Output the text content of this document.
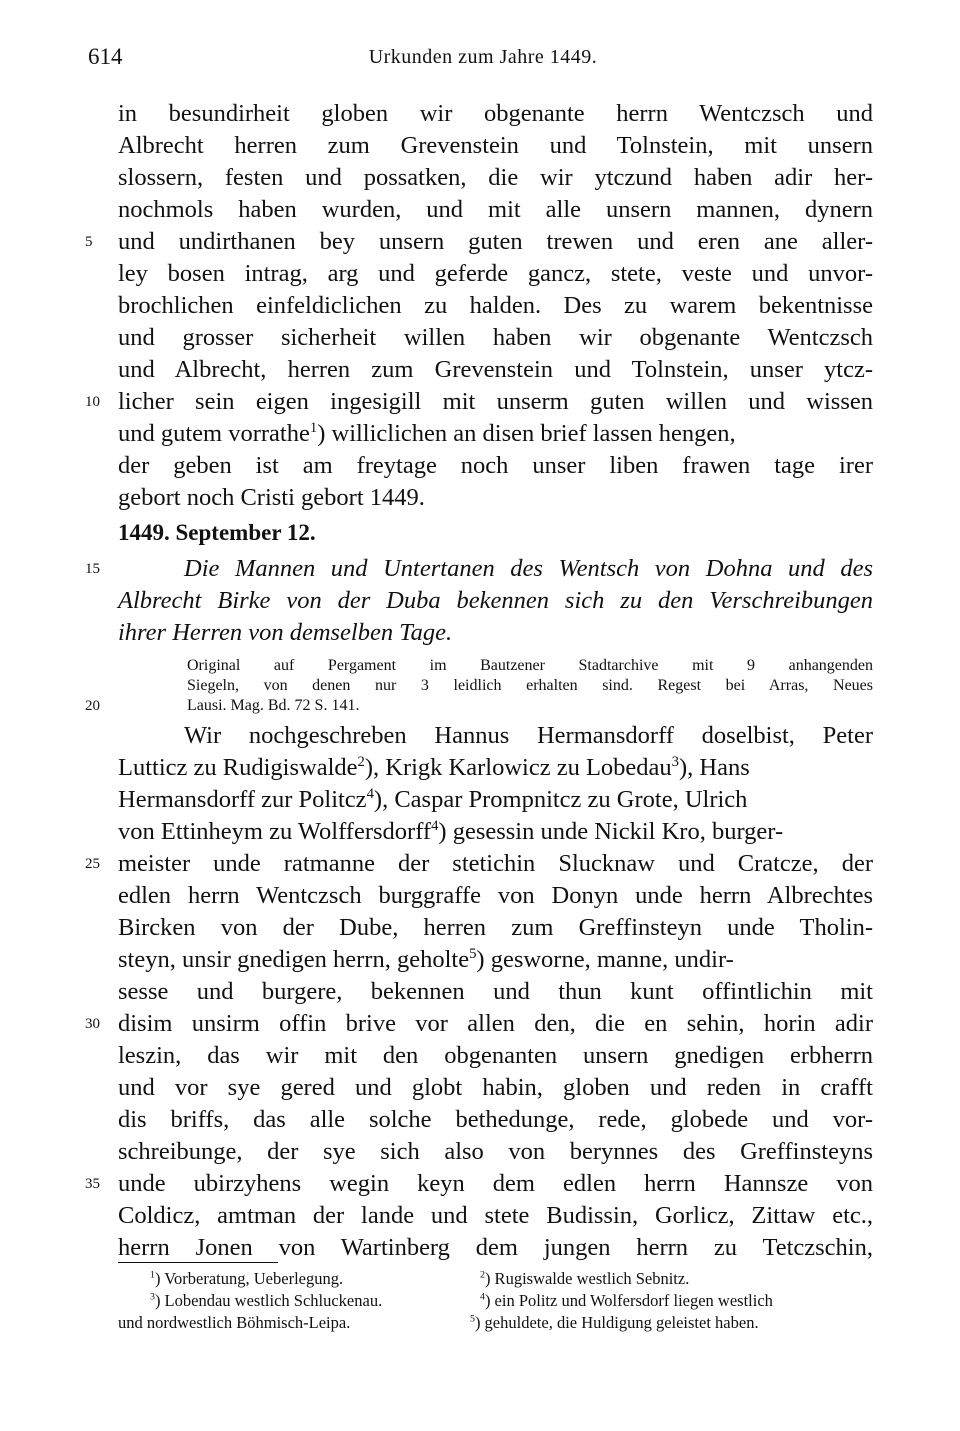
614	Urkunden zum Jahre 1449.
in besundirheit globen wir obgenante herrn Wentczsch und
Albrecht herren zum Grevenstein und Tolnstein, mit unsern
slossern, festen und possatken, die wir ytczund haben adir her-
nochmols haben wurden, und mit alle unsern mannen, dynern
5	und undirthanen bey unsern guten trewen und eren ane aller-
ley bosen intrag, arg und geferde gancz, stete, veste und unvor-
brochlichen einfeldiclichen zu halden. Des zu warem bekentnisse
und grosser sicherheit willen haben wir obgenante Wentczsch
und Albrecht, herren zum Grevenstein und Tolnstein, unser ytcz-
10 licher sein eigen ingesigill mit unserm guten willen und wissen
und gutem vorrathe$^1$) williclichen an disen brief lassen hengen,
der geben ist am freytage noch unser liben frawen tage irer
gebort noch Cristi gebort 1449.
1449. September 12.
15	Die Mannen und Untertanen des Wentsch von Dohna und des
Albrecht Birke von der Duba bekennen sich zu den Verschreibungen
ihrer Herren von demselben Tage.
Original auf Pergament im Bautzener Stadtarchive mit 9 anhangenden
Siegeln, von denen nur 3 leidlich erhalten sind. Regest bei Arras, Neues
20	Lausi. Mag. Bd. 72 S. 141.
Wir nochgeschreben Hannus Hermansdorff doselbist, Peter
Lutticz zu Rudigiswalde$^2$), Krigk Karlowicz zu Lobedau$^3$), Hans
Hermansdorff zur Politcz$^4$), Caspar Prompnitcz zu Grote, Ulrich
von Ettinheym zu Wolffersdorff$^4$) gesessin unde Nickil Kro, burger-
25 meister unde ratmanne der stetichin Slucknaw und Cratcze, der
edlen herrn Wentczsch burggraffe von Donyn unde herrn Albrechtes
Bircken von der Dube, herren zum Greffinsteyn unde Tholin-
steyn, unsir gnedigen herrn, geholte$^5$) gesworne, manne, undir-
sesse und burgere, bekennen und thun kunt offintlichin mit
30 disim unsirm offin brive vor allen den, die en sehin, horin adir
leszin, das wir mit den obgenanten unsern gnedigen erbherrn
und vor sye gered und globt habin, globen und reden in crafft
dis briffs, das alle solche bethedunge, rede, globede und vor-
schreibunge, der sye sich also von berynnes des Greffinsteyns
35 unde ubirzyhens wegin keyn dem edlen herrn Hannsze von
Coldicz, amtman der lande und stete Budissin, Gorlicz, Zittaw etc.,
herrn Jonen von Wartinberg dem jungen herrn zu Tetczschin,
$^1$) Vorberatung, Ueberlegung.	$^2$) Rugiswalde westlich Sebnitz.
$^3$) Lobendau westlich Schluckenau.	$^4$) ein Politz und Wolfersdorf liegen westlich
und nordwestlich Böhmisch-Leipa.	$^5$) gehuldete, die Huldigung geleistet haben.
